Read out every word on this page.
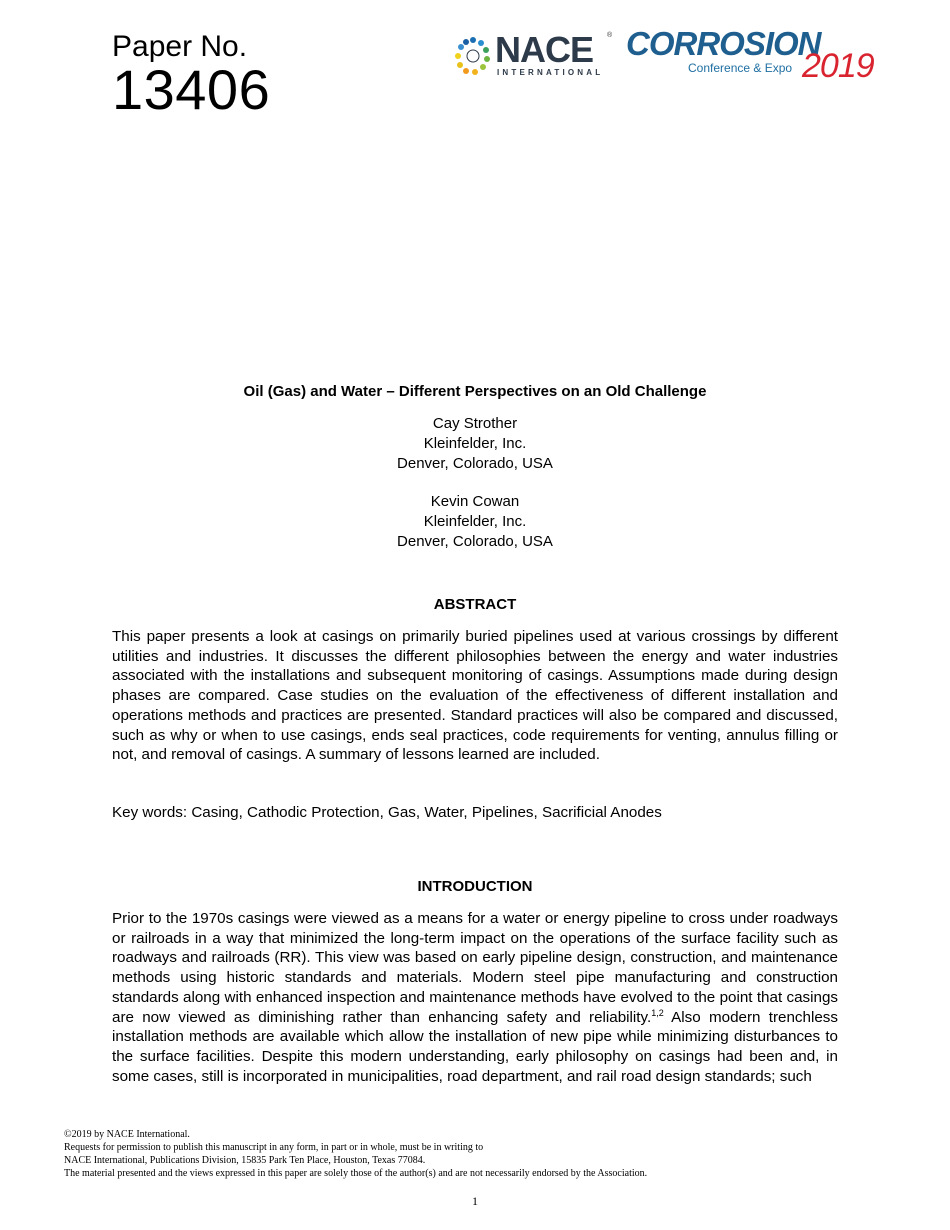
Paper No.
13406
NACE ®
INTERNATIONAL
CORROSION
Conference & Expo 2019
Oil (Gas) and Water – Different Perspectives on an Old Challenge
Cay Strother
Kleinfelder, Inc.
Denver, Colorado, USA
Kevin Cowan
Kleinfelder, Inc.
Denver, Colorado, USA
ABSTRACT
This paper presents a look at casings on primarily buried pipelines used at various crossings by different utilities and industries. It discusses the different philosophies between the energy and water industries associated with the installations and subsequent monitoring of casings. Assumptions made during design phases are compared. Case studies on the evaluation of the effectiveness of different installation and operations methods and practices are presented. Standard practices will also be compared and discussed, such as why or when to use casings, ends seal practices, code requirements for venting, annulus filling or not, and removal of casings. A summary of lessons learned are included.
Key words: Casing, Cathodic Protection, Gas, Water, Pipelines, Sacrificial Anodes
INTRODUCTION
Prior to the 1970s casings were viewed as a means for a water or energy pipeline to cross under roadways or railroads in a way that minimized the long-term impact on the operations of the surface facility such as roadways and railroads (RR). This view was based on early pipeline design, construction, and maintenance methods using historic standards and materials. Modern steel pipe manufacturing and construction standards along with enhanced inspection and maintenance methods have evolved to the point that casings are now viewed as diminishing rather than enhancing safety and reliability.$^{1,2}$ Also modern trenchless installation methods are available which allow the installation of new pipe while minimizing disturbances to the surface facilities. Despite this modern understanding, early philosophy on casings had been and, in some cases, still is incorporated in municipalities, road department, and rail road design standards; such
©2019 by NACE International.
Requests for permission to publish this manuscript in any form, in part or in whole, must be in writing to
NACE International, Publications Division, 15835 Park Ten Place, Houston, Texas 77084.
The material presented and the views expressed in this paper are solely those of the author(s) and are not necessarily endorsed by the Association.
1
